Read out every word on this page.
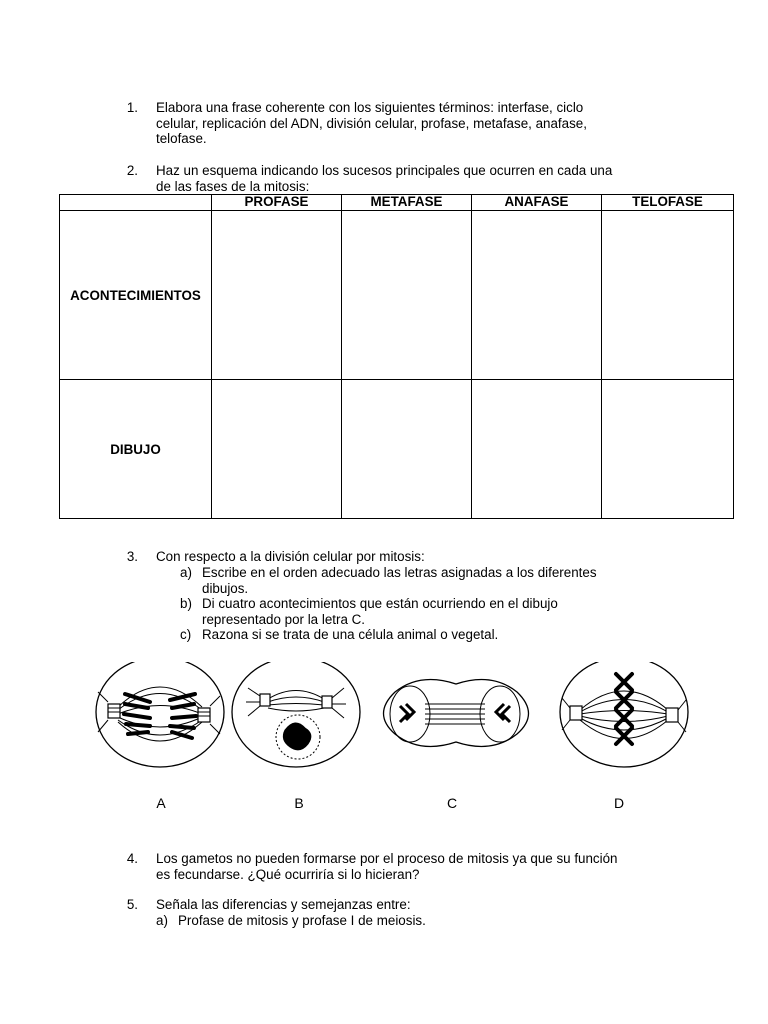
1. Elabora una frase coherente con los siguientes términos: interfase, ciclo
celular, replicación del ADN, división celular, profase, metafase, anafase,
telofase.
2. Haz un esquema indicando los sucesos principales que ocurren en cada una
de las fases de la mitosis:
	PROFASE	METAFASE	ANAFASE	TELOFASE
ACONTECIMIENTOS				
DIBUJO				
3. Con respecto a la división celular por mitosis:
a) Escribe en el orden adecuado las letras asignadas a los diferentes
dibujos.
b) Di cuatro acontecimientos que están ocurriendo en el dibujo
representado por la letra C.
c) Razona si se trata de una célula animal o vegetal.
A	B	C	D
4. Los gametos no pueden formarse por el proceso de mitosis ya que su función
es fecundarse. ¿Qué ocurriría si lo hicieran?
5. Señala las diferencias y semejanzas entre:
a) Profase de mitosis y profase I de meiosis.
